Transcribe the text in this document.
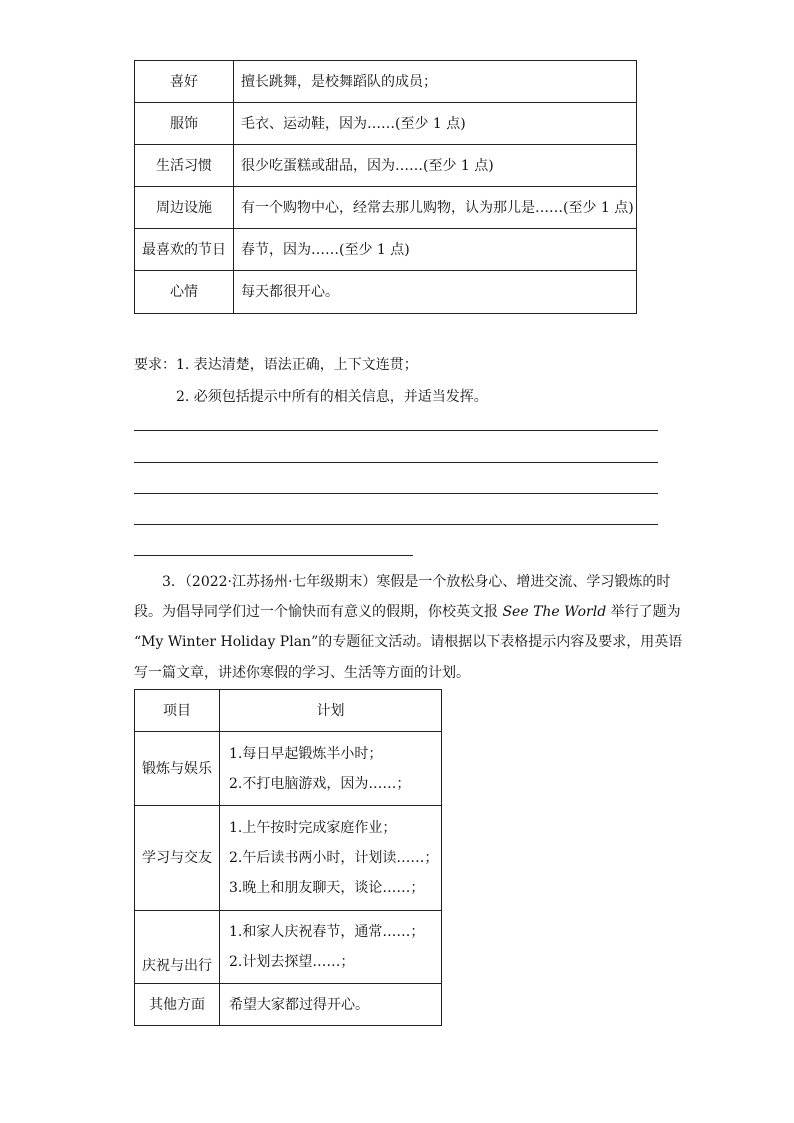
喜好	擅长跳舞，是校舞蹈队的成员；
服饰	毛衣、运动鞋，因为……(至少 1 点)
生活习惯	很少吃蛋糕或甜品，因为……(至少 1 点)
周边设施	有一个购物中心，经常去那儿购物，认为那儿是……(至少 1 点)
最喜欢的节日	春节，因为……(至少 1 点)
心情	每天都很开心。
要求：1. 表达清楚，语法正确，上下文连贯；
2. 必须包括提示中所有的相关信息，并适当发挥。
3．（2022·江苏扬州·七年级期末）寒假是一个放松身心、增进交流、学习锻炼的时
段。为倡导同学们过一个愉快而有意义的假期，你校英文报 See The World 举行了题为
“My Winter Holiday Plan”的专题征文活动。请根据以下表格提示内容及要求，用英语
写一篇文章，讲述你寒假的学习、生活等方面的计划。
项目	计划
锻炼与娱乐	1.每日早起锻炼半小时；
2.不打电脑游戏，因为……；

学习与交友	1.上午按时完成家庭作业；
2.午后读书两小时，计划读……；
3.晚上和朋友聊天，谈论……；

庆祝与出行	1.和家人庆祝春节，通常……；
2.计划去探望……；

其他方面	希望大家都过得开心。
